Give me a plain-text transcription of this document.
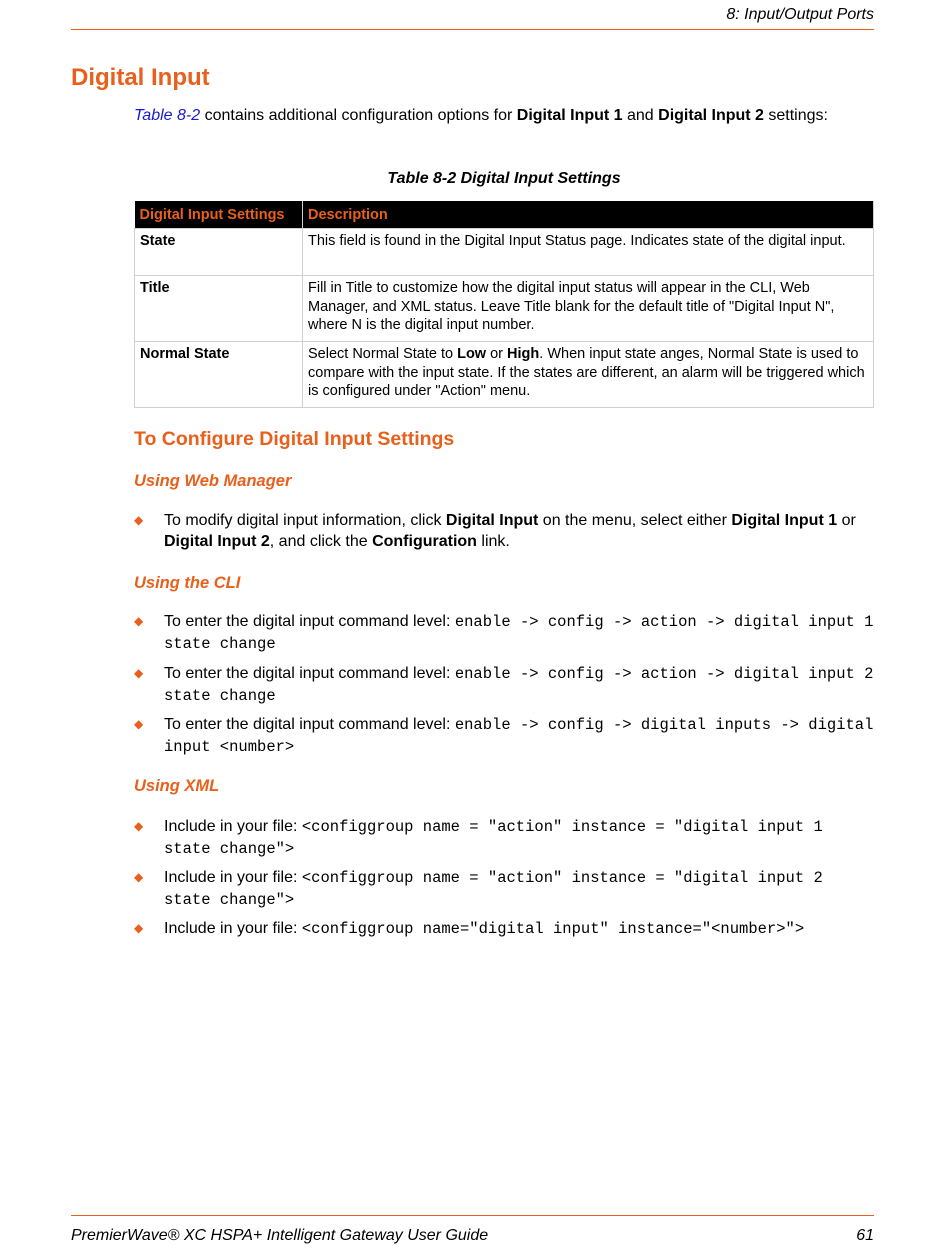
8: Input/Output Ports
Digital Input

Table 8-2 contains additional configuration options for Digital Input 1 and Digital Input 2 settings:

Table 8-2 Digital Input Settings
Digital Input Settings	Description
State	This field is found in the Digital Input Status page. Indicates state of the digital input.
Title	Fill in Title to customize how the digital input status will appear in the CLI, Web Manager, and XML status. Leave Title blank for the default title of "Digital Input N", where N is the digital input number.
Normal State	Select Normal State to Low or High. When input state anges, Normal State is used to compare with the input state. If the states are different, an alarm will be triggered which is configured under "Action" menu.
To Configure Digital Input Settings
Using Web Manager
◆ To modify digital input information, click Digital Input on the menu, select either Digital Input 1 or Digital Input 2, and click the Configuration link.
Using the CLI
◆ To enter the digital input command level: enable -> config -> action -> digital input 1 state change
◆ To enter the digital input command level: enable -> config -> action -> digital input 2 state change
◆ To enter the digital input command level: enable -> config -> digital inputs -> digital input <number>
Using XML
◆ Include in your file: <configgroup name = "action" instance = "digital input 1 state change">
◆ Include in your file: <configgroup name = "action" instance = "digital input 2 state change">
◆ Include in your file: <configgroup name="digital input" instance="<number>">
PremierWave® XC HSPA+ Intelligent Gateway User Guide	61
